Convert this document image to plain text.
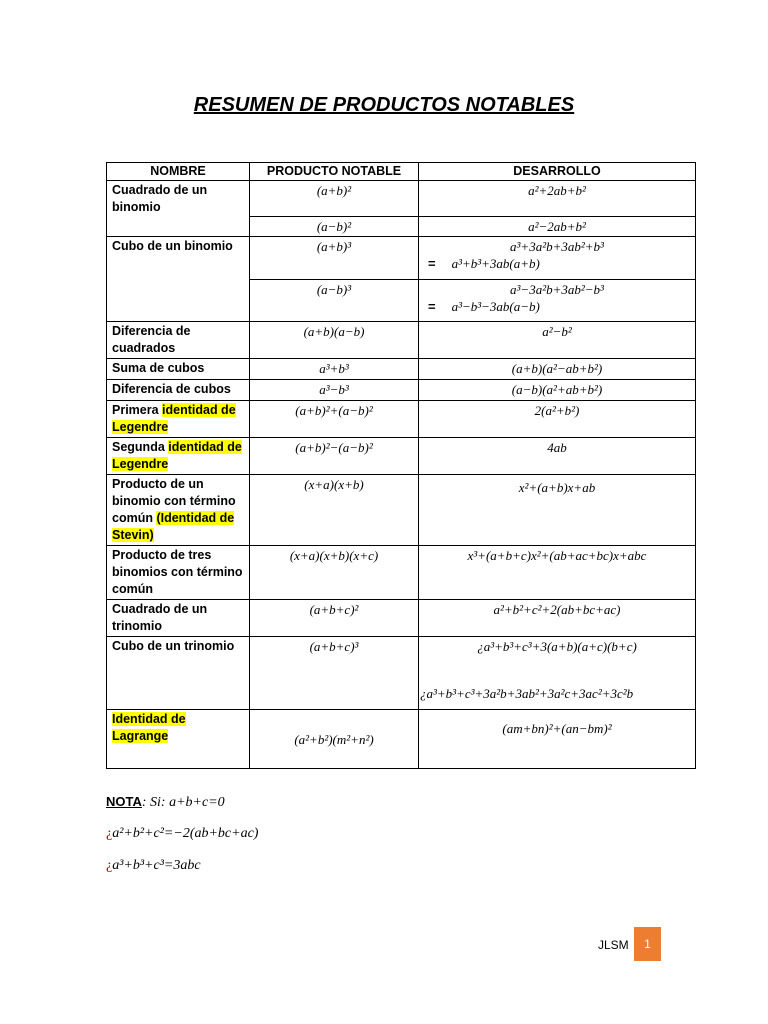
RESUMEN DE PRODUCTOS NOTABLES
NOMBRE	PRODUCTO NOTABLE	DESARROLLO
Cuadrado de un binomio	(a+b)²	a²+2ab+b²
	(a−b)²	a²−2ab+b²
Cubo de un binomio	(a+b)³	a³+3a²b+3ab²+b³
= a³+b³+3ab(a+b)

	(a−b)³	a³−3a²b+3ab²−b³
= a³−b³−3ab(a−b)

Diferencia de cuadrados	(a+b)(a−b)	a²−b²
Suma de cubos	a³+b³	(a+b)(a²−ab+b²)
Diferencia de cubos	a³−b³	(a−b)(a²+ab+b²)
Primera identidad de Legendre	(a+b)²+(a−b)²	2(a²+b²)
Segunda identidad de Legendre	(a+b)²−(a−b)²	4ab
Producto de un binomio con término común (Identidad de Stevin)	(x+a)(x+b)	x²+(a+b)x+ab
Producto de tres binomios con término común	(x+a)(x+b)(x+c)	x³+(a+b+c)x²+(ab+ac+bc)x+abc
Cuadrado de un trinomio	(a+b+c)²	a²+b²+c²+2(ab+bc+ac)
Cubo de un trinomio	(a+b+c)³	¿a³+b³+c³+3(a+b)(a+c)(b+c)
¿a³+b³+c³+3a²b+3ab²+3a²c+3ac²+3c²b

Identidad de Lagrange	(a²+b²)(m²+n²)	(am+bn)²+(an−bm)²
NOTA: Si: a+b+c=0
¿a²+b²+c²=−2(ab+bc+ac)
¿a³+b³+c³=3abc
JLSM	1
